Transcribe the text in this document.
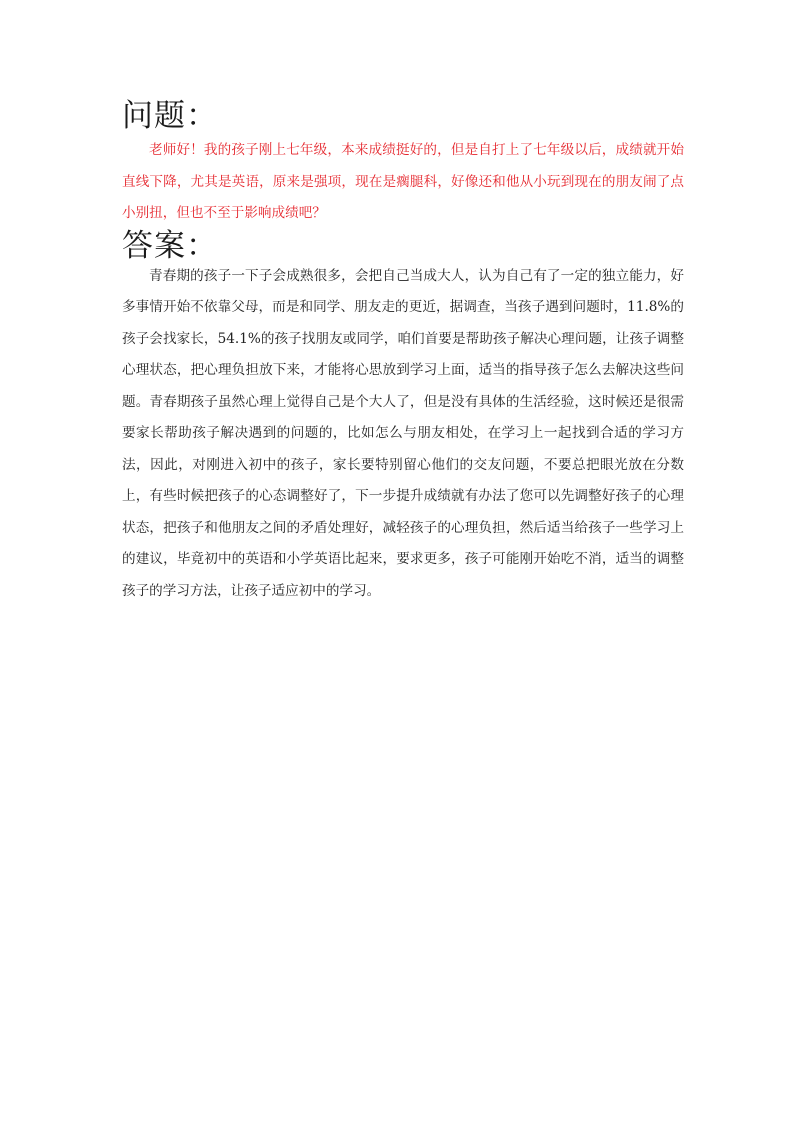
问题：

老师好！我的孩子刚上七年级，本来成绩挺好的，但是自打上了七年级以后，成绩就开始直线下降，尤其是英语，原来是强项，现在是瘸腿科，好像还和他从小玩到现在的朋友闹了点小别扭，但也不至于影响成绩吧？

答案：

青春期的孩子一下子会成熟很多，会把自己当成大人，认为自己有了一定的独立能力，好多事情开始不依靠父母，而是和同学、朋友走的更近，据调查，当孩子遇到问题时，11.8%的孩子会找家长，54.1%的孩子找朋友或同学，咱们首要是帮助孩子解决心理问题，让孩子调整心理状态，把心理负担放下来，才能将心思放到学习上面，适当的指导孩子怎么去解决这些问题。青春期孩子虽然心理上觉得自己是个大人了，但是没有具体的生活经验，这时候还是很需要家长帮助孩子解决遇到的问题的，比如怎么与朋友相处，在学习上一起找到合适的学习方法，因此，对刚进入初中的孩子，家长要特别留心他们的交友问题，不要总把眼光放在分数上，有些时候把孩子的心态调整好了，下一步提升成绩就有办法了您可以先调整好孩子的心理状态，把孩子和他朋友之间的矛盾处理好，减轻孩子的心理负担，然后适当给孩子一些学习上的建议，毕竟初中的英语和小学英语比起来，要求更多，孩子可能刚开始吃不消，适当的调整孩子的学习方法，让孩子适应初中的学习。
